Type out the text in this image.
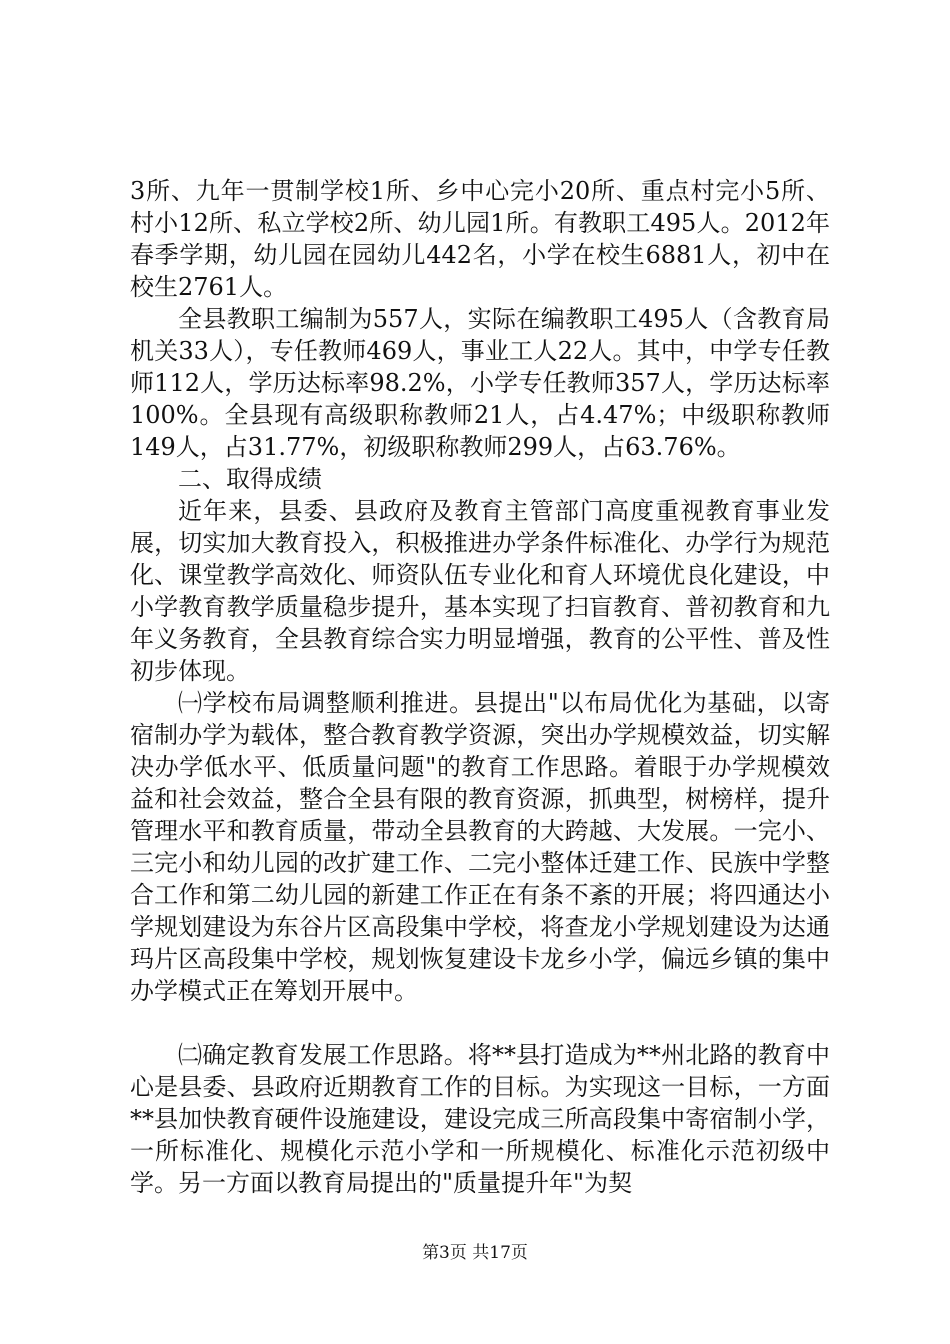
3所、九年一贯制学校1所、乡中心完小20所、重点村完小5所、村小12所、私立学校2所、幼儿园1所。有教职工495人。2012年春季学期，幼儿园在园幼儿442名，小学在校生6881人，初中在校生2761人。

全县教职工编制为557人，实际在编教职工495人（含教育局机关33人），专任教师469人，事业工人22人。其中，中学专任教师112人，学历达标率98.2%，小学专任教师357人，学历达标率100%。全县现有高级职称教师21人，占4.47%；中级职称教师149人，占31.77%，初级职称教师299人，占63.76%。

二、取得成绩

近年来，县委、县政府及教育主管部门高度重视教育事业发展，切实加大教育投入，积极推进办学条件标准化、办学行为规范化、课堂教学高效化、师资队伍专业化和育人环境优良化建设，中小学教育教学质量稳步提升，基本实现了扫盲教育、普初教育和九年义务教育，全县教育综合实力明显增强，教育的公平性、普及性初步体现。

㈠学校布局调整顺利推进。县提出"以布局优化为基础，以寄宿制办学为载体，整合教育教学资源，突出办学规模效益，切实解决办学低水平、低质量问题"的教育工作思路。着眼于办学规模效益和社会效益，整合全县有限的教育资源，抓典型，树榜样，提升管理水平和教育质量，带动全县教育的大跨越、大发展。一完小、三完小和幼儿园的改扩建工作、二完小整体迁建工作、民族中学整合工作和第二幼儿园的新建工作正在有条不紊的开展；将四通达小学规划建设为东谷片区高段集中学校，将查龙小学规划建设为达通玛片区高段集中学校，规划恢复建设卡龙乡小学，偏远乡镇的集中办学模式正在筹划开展中。

㈡确定教育发展工作思路。将**县打造成为**州北路的教育中心是县委、县政府近期教育工作的目标。为实现这一目标，一方面**县加快教育硬件设施建设，建设完成三所高段集中寄宿制小学，一所标准化、规模化示范小学和一所规模化、标准化示范初级中学。另一方面以教育局提出的"质量提升年"为契

第3页 共17页
